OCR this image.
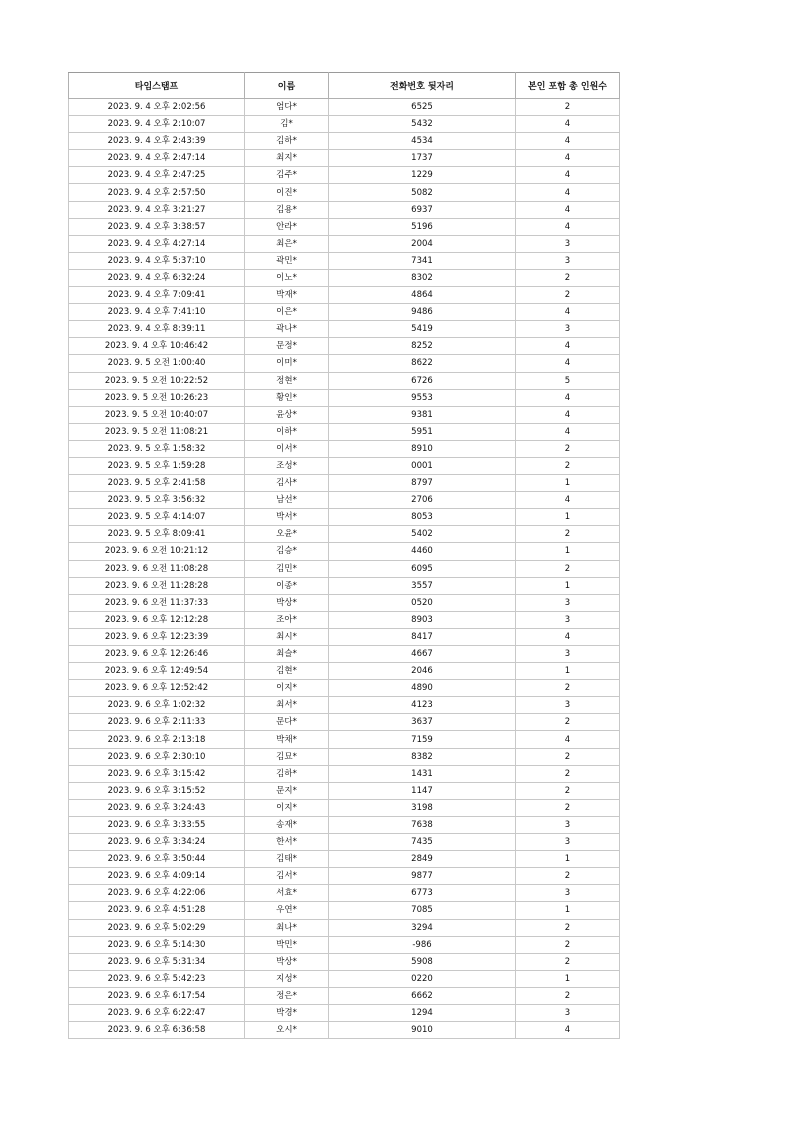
타임스탬프	이름	전화번호 뒷자리	본인 포함 총 인원수
2023. 9. 4 오후 2:02:56	엄다*	6525	2
2023. 9. 4 오후 2:10:07	김*	5432	4
2023. 9. 4 오후 2:43:39	김하*	4534	4
2023. 9. 4 오후 2:47:14	최지*	1737	4
2023. 9. 4 오후 2:47:25	김주*	1229	4
2023. 9. 4 오후 2:57:50	이진*	5082	4
2023. 9. 4 오후 3:21:27	김용*	6937	4
2023. 9. 4 오후 3:38:57	안라*	5196	4
2023. 9. 4 오후 4:27:14	최은*	2004	3
2023. 9. 4 오후 5:37:10	곽민*	7341	3
2023. 9. 4 오후 6:32:24	이노*	8302	2
2023. 9. 4 오후 7:09:41	박재*	4864	2
2023. 9. 4 오후 7:41:10	이은*	9486	4
2023. 9. 4 오후 8:39:11	곽나*	5419	3
2023. 9. 4 오후 10:46:42	문정*	8252	4
2023. 9. 5 오전 1:00:40	이미*	8622	4
2023. 9. 5 오전 10:22:52	정현*	6726	5
2023. 9. 5 오전 10:26:23	황인*	9553	4
2023. 9. 5 오전 10:40:07	윤상*	9381	4
2023. 9. 5 오전 11:08:21	이하*	5951	4
2023. 9. 5 오후 1:58:32	이서*	8910	2
2023. 9. 5 오후 1:59:28	조성*	0001	2
2023. 9. 5 오후 2:41:58	김사*	8797	1
2023. 9. 5 오후 3:56:32	남선*	2706	4
2023. 9. 5 오후 4:14:07	박서*	8053	1
2023. 9. 5 오후 8:09:41	오윤*	5402	2
2023. 9. 6 오전 10:21:12	김승*	4460	1
2023. 9. 6 오전 11:08:28	김민*	6095	2
2023. 9. 6 오전 11:28:28	이종*	3557	1
2023. 9. 6 오전 11:37:33	박상*	0520	3
2023. 9. 6 오후 12:12:28	조아*	8903	3
2023. 9. 6 오후 12:23:39	최시*	8417	4
2023. 9. 6 오후 12:26:46	최슬*	4667	3
2023. 9. 6 오후 12:49:54	김현*	2046	1
2023. 9. 6 오후 12:52:42	이지*	4890	2
2023. 9. 6 오후 1:02:32	최서*	4123	3
2023. 9. 6 오후 2:11:33	문다*	3637	2
2023. 9. 6 오후 2:13:18	박채*	7159	4
2023. 9. 6 오후 2:30:10	김묘*	8382	2
2023. 9. 6 오후 3:15:42	김하*	1431	2
2023. 9. 6 오후 3:15:52	문지*	1147	2
2023. 9. 6 오후 3:24:43	이지*	3198	2
2023. 9. 6 오후 3:33:55	송재*	7638	3
2023. 9. 6 오후 3:34:24	한서*	7435	3
2023. 9. 6 오후 3:50:44	김태*	2849	1
2023. 9. 6 오후 4:09:14	김서*	9877	2
2023. 9. 6 오후 4:22:06	서효*	6773	3
2023. 9. 6 오후 4:51:28	우연*	7085	1
2023. 9. 6 오후 5:02:29	최나*	3294	2
2023. 9. 6 오후 5:14:30	박민*	-986	2
2023. 9. 6 오후 5:31:34	박상*	5908	2
2023. 9. 6 오후 5:42:23	지성*	0220	1
2023. 9. 6 오후 6:17:54	정은*	6662	2
2023. 9. 6 오후 6:22:47	박경*	1294	3
2023. 9. 6 오후 6:36:58	오시*	9010	4
